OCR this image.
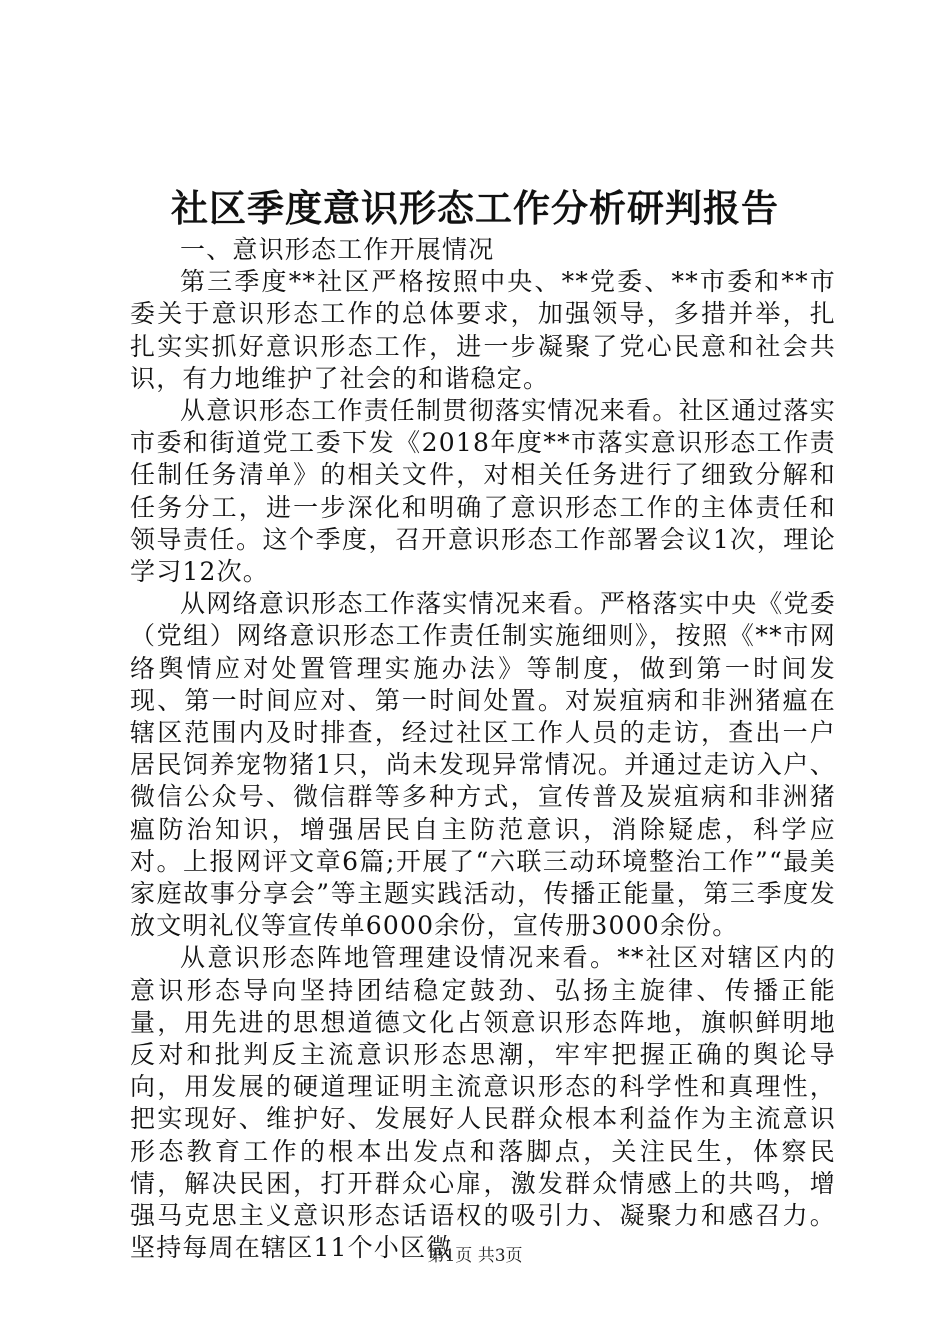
社区季度意识形态工作分析研判报告

一、意识形态工作开展情况

第三季度**社区严格按照中央、**党委、**市委和**市委关于意识形态工作的总体要求，加强领导，多措并举，扎扎实实抓好意识形态工作，进一步凝聚了党心民意和社会共识，有力地维护了社会的和谐稳定。

从意识形态工作责任制贯彻落实情况来看。社区通过落实市委和街道党工委下发《2018年度**市落实意识形态工作责任制任务清单》的相关文件，对相关任务进行了细致分解和任务分工，进一步深化和明确了意识形态工作的主体责任和领导责任。这个季度，召开意识形态工作部署会议1次，理论学习12次。

从网络意识形态工作落实情况来看。严格落实中央《党委（党组）网络意识形态工作责任制实施细则》，按照《**市网络舆情应对处置管理实施办法》等制度，做到第一时间发现、第一时间应对、第一时间处置。对炭疽病和非洲猪瘟在辖区范围内及时排查，经过社区工作人员的走访，查出一户居民饲养宠物猪1只，尚未发现异常情况。并通过走访入户、微信公众号、微信群等多种方式，宣传普及炭疽病和非洲猪瘟防治知识，增强居民自主防范意识，消除疑虑，科学应对。上报网评文章6篇;开展了“六联三动环境整治工作”“最美家庭故事分享会”等主题实践活动，传播正能量，第三季度发放文明礼仪等宣传单6000余份，宣传册3000余份。

从意识形态阵地管理建设情况来看。**社区对辖区内的意识形态导向坚持团结稳定鼓劲、弘扬主旋律、传播正能量，用先进的思想道德文化占领意识形态阵地，旗帜鲜明地反对和批判反主流意识形态思潮，牢牢把握正确的舆论导向，用发展的硬道理证明主流意识形态的科学性和真理性，把实现好、维护好、发展好人民群众根本利益作为主流意识形态教育工作的根本出发点和落脚点，关注民生，体察民情，解决民困，打开群众心扉，激发群众情感上的共鸣，增强马克思主义意识形态话语权的吸引力、凝聚力和感召力。坚持每周在辖区11个小区微

第1页 共3页
